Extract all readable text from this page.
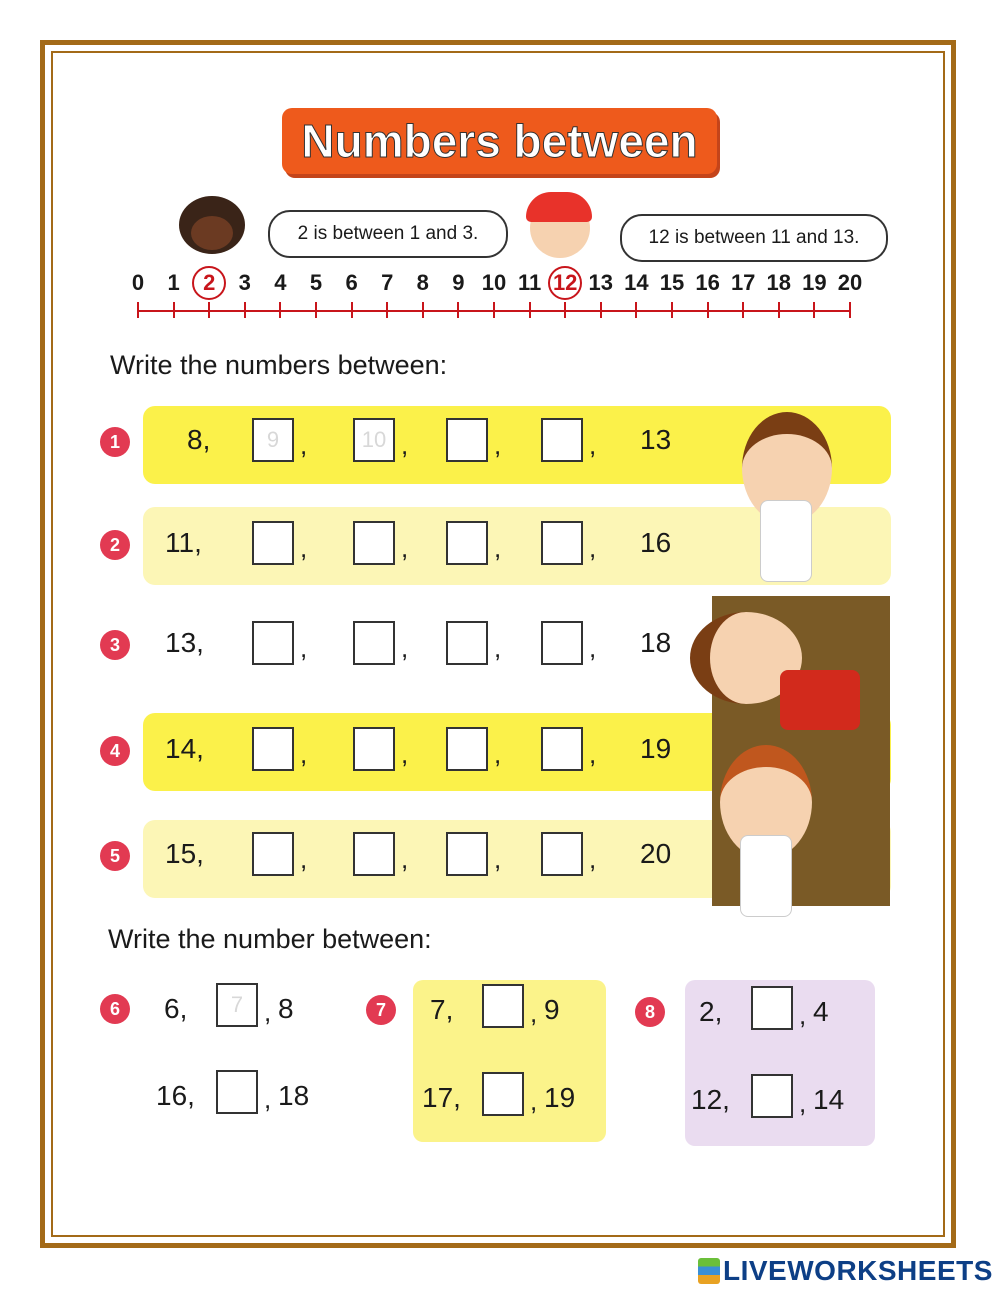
Numbers between
2 is between 1 and 3.	12 is between 11 and 13.
0 1 2 3 4 5 6 7 8 9 10 11 12 13 14 15 16 17 18 19 20
Write the numbers between:
1	8,	9 ,	10 ,	,	, 13
2	11,	,	,	,	, 16
3	13,	,	,	,	, 18
4	14,	,	,	,	, 19
5	15,	,	,	,	, 20
Write the number between:
6	6,	7 , 8
16,	, 18
7	7,	, 9
17,	, 19
8	2,	, 4
12,	, 14
LIVEWORKSHEETS
